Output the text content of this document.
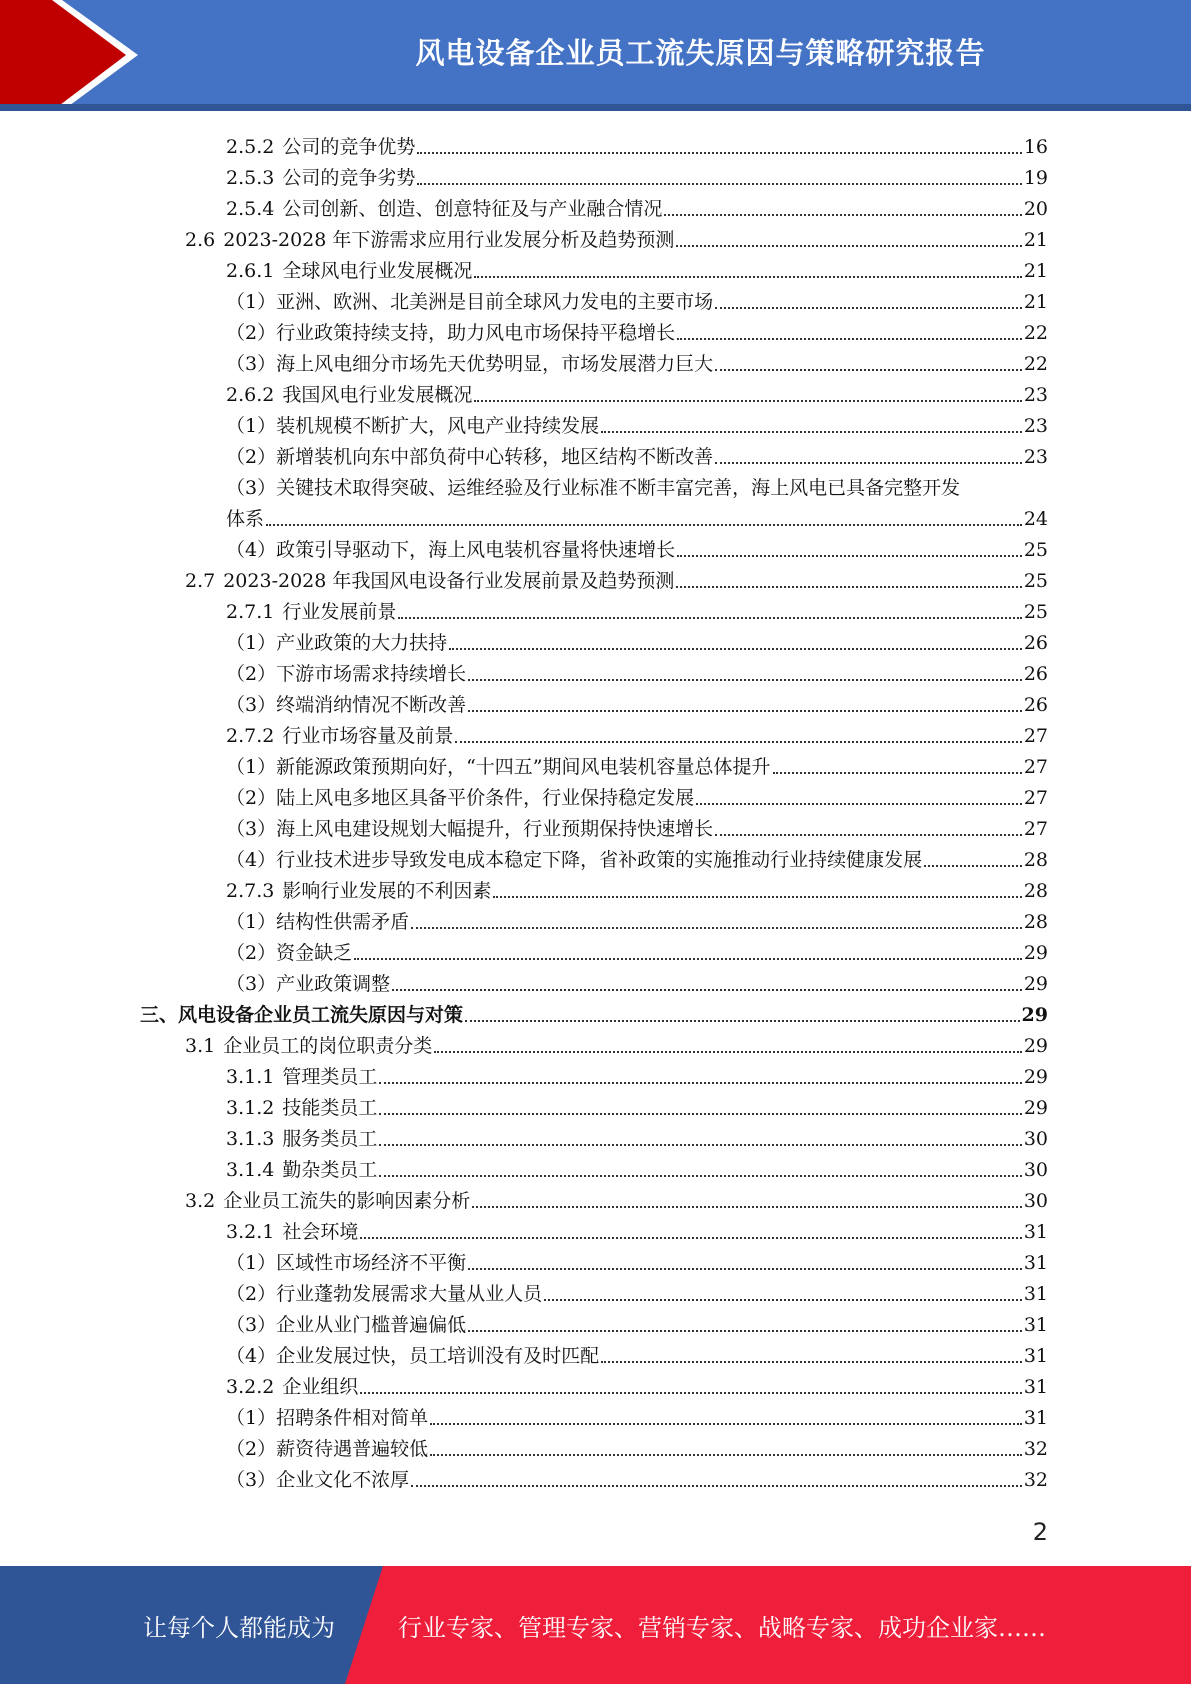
风电设备企业员工流失原因与策略研究报告
2.5.2 公司的竞争优势	16
2.5.3 公司的竞争劣势	19
2.5.4 公司创新、创造、创意特征及与产业融合情况	20
2.6 2023-2028 年下游需求应用行业发展分析及趋势预测	21
2.6.1 全球风电行业发展概况	21
（1）亚洲、欧洲、北美洲是目前全球风力发电的主要市场	21
（2）行业政策持续支持，助力风电市场保持平稳增长	22
（3）海上风电细分市场先天优势明显，市场发展潜力巨大	22
2.6.2 我国风电行业发展概况	23
（1）装机规模不断扩大，风电产业持续发展	23
（2）新增装机向东中部负荷中心转移，地区结构不断改善	23
（3）关键技术取得突破、运维经验及行业标准不断丰富完善，海上风电已具备完整开发
体系	24
（4）政策引导驱动下，海上风电装机容量将快速增长	25
2.7 2023-2028 年我国风电设备行业发展前景及趋势预测	25
2.7.1 行业发展前景	25
（1）产业政策的大力扶持	26
（2）下游市场需求持续增长	26
（3）终端消纳情况不断改善	26
2.7.2 行业市场容量及前景	27
（1）新能源政策预期向好，“十四五”期间风电装机容量总体提升	27
（2）陆上风电多地区具备平价条件，行业保持稳定发展	27
（3）海上风电建设规划大幅提升，行业预期保持快速增长	27
（4）行业技术进步导致发电成本稳定下降，省补政策的实施推动行业持续健康发展	28
2.7.3 影响行业发展的不利因素	28
（1）结构性供需矛盾	28
（2）资金缺乏	29
（3）产业政策调整	29
三、风电设备企业员工流失原因与对策	29
3.1 企业员工的岗位职责分类	29
3.1.1 管理类员工	29
3.1.2 技能类员工	29
3.1.3 服务类员工	30
3.1.4 勤杂类员工	30
3.2 企业员工流失的影响因素分析	30
3.2.1 社会环境	31
（1）区域性市场经济不平衡	31
（2）行业蓬勃发展需求大量从业人员	31
（3）企业从业门槛普遍偏低	31
（4）企业发展过快，员工培训没有及时匹配	31
3.2.2 企业组织	31
（1）招聘条件相对简单	31
（2）薪资待遇普遍较低	32
（3）企业文化不浓厚	32
2
让每个人都能成为	行业专家、管理专家、营销专家、战略专家、成功企业家……
